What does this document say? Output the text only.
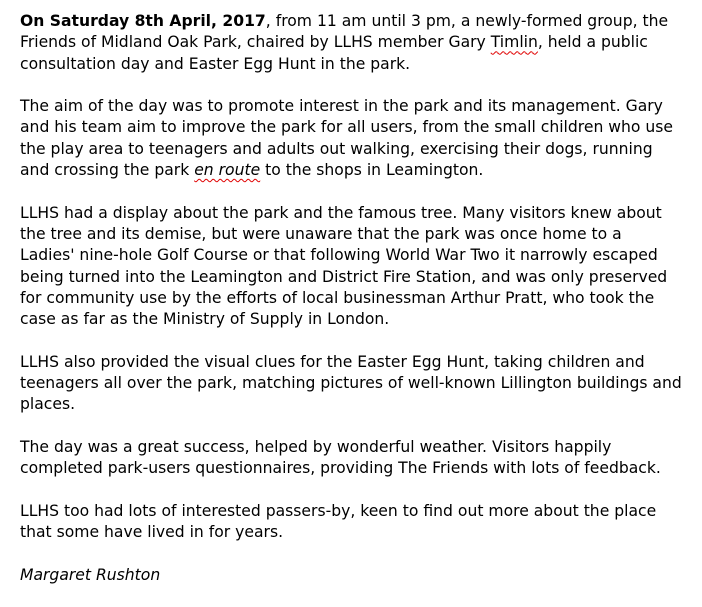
On Saturday 8th April, 2017, from 11 am until 3 pm, a newly-formed group, the
Friends of Midland Oak Park, chaired by LLHS member Gary Timlin, held a public
consultation day and Easter Egg Hunt in the park.

The aim of the day was to promote interest in the park and its management. Gary
and his team aim to improve the park for all users, from the small children who use
the play area to teenagers and adults out walking, exercising their dogs, running
and crossing the park en route to the shops in Leamington.

LLHS had a display about the park and the famous tree. Many visitors knew about
the tree and its demise, but were unaware that the park was once home to a
Ladies' nine-hole Golf Course or that following World War Two it narrowly escaped
being turned into the Leamington and District Fire Station, and was only preserved
for community use by the efforts of local businessman Arthur Pratt, who took the
case as far as the Ministry of Supply in London.

LLHS also provided the visual clues for the Easter Egg Hunt, taking children and
teenagers all over the park, matching pictures of well-known Lillington buildings and
places.

The day was a great success, helped by wonderful weather. Visitors happily
completed park-users questionnaires, providing The Friends with lots of feedback.

LLHS too had lots of interested passers-by, keen to find out more about the place
that some have lived in for years.

Margaret Rushton
